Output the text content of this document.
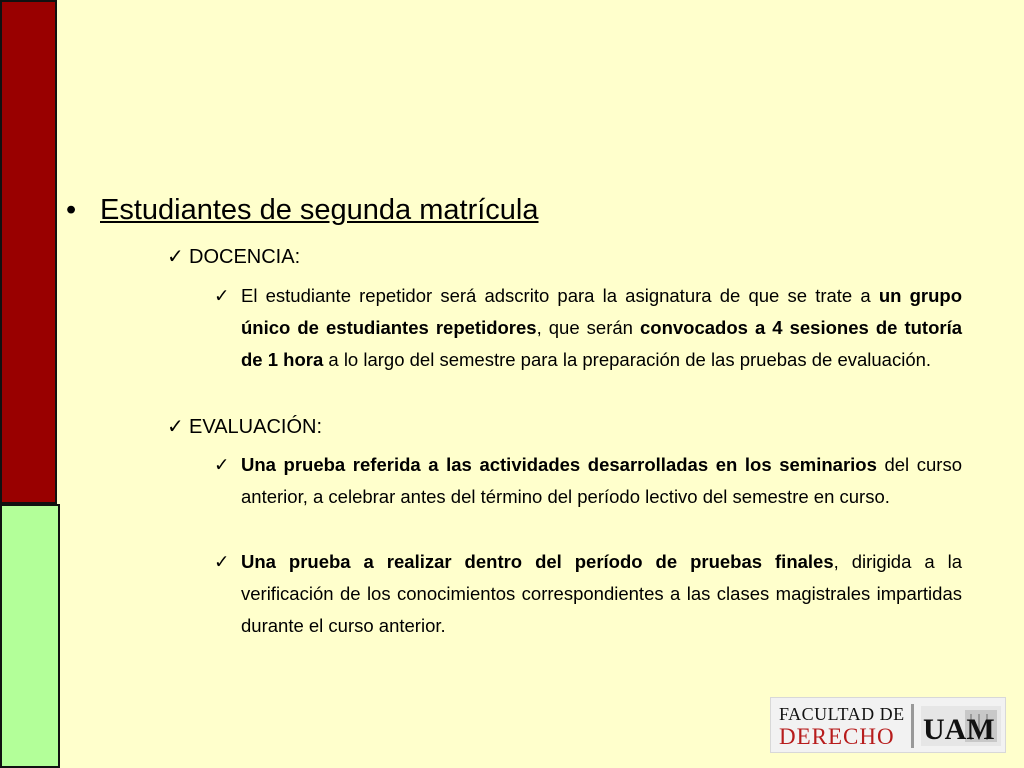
• Estudiantes de segunda matrícula
✓ DOCENCIA:
✓ El estudiante repetidor será adscrito para la asignatura de que se trate a un grupo único de estudiantes repetidores, que serán convocados a 4 sesiones de tutoría de 1 hora a lo largo del semestre para la preparación de las pruebas de evaluación.
✓ EVALUACIÓN:
✓ Una prueba referida a las actividades desarrolladas en los seminarios del curso anterior, a celebrar antes del término del período lectivo del semestre en curso.
✓ Una prueba a realizar dentro del período de pruebas finales, dirigida a la verificación de los conocimientos correspondientes a las clases magistrales impartidas durante el curso anterior.
FACULTAD DE
DERECHO UAM
